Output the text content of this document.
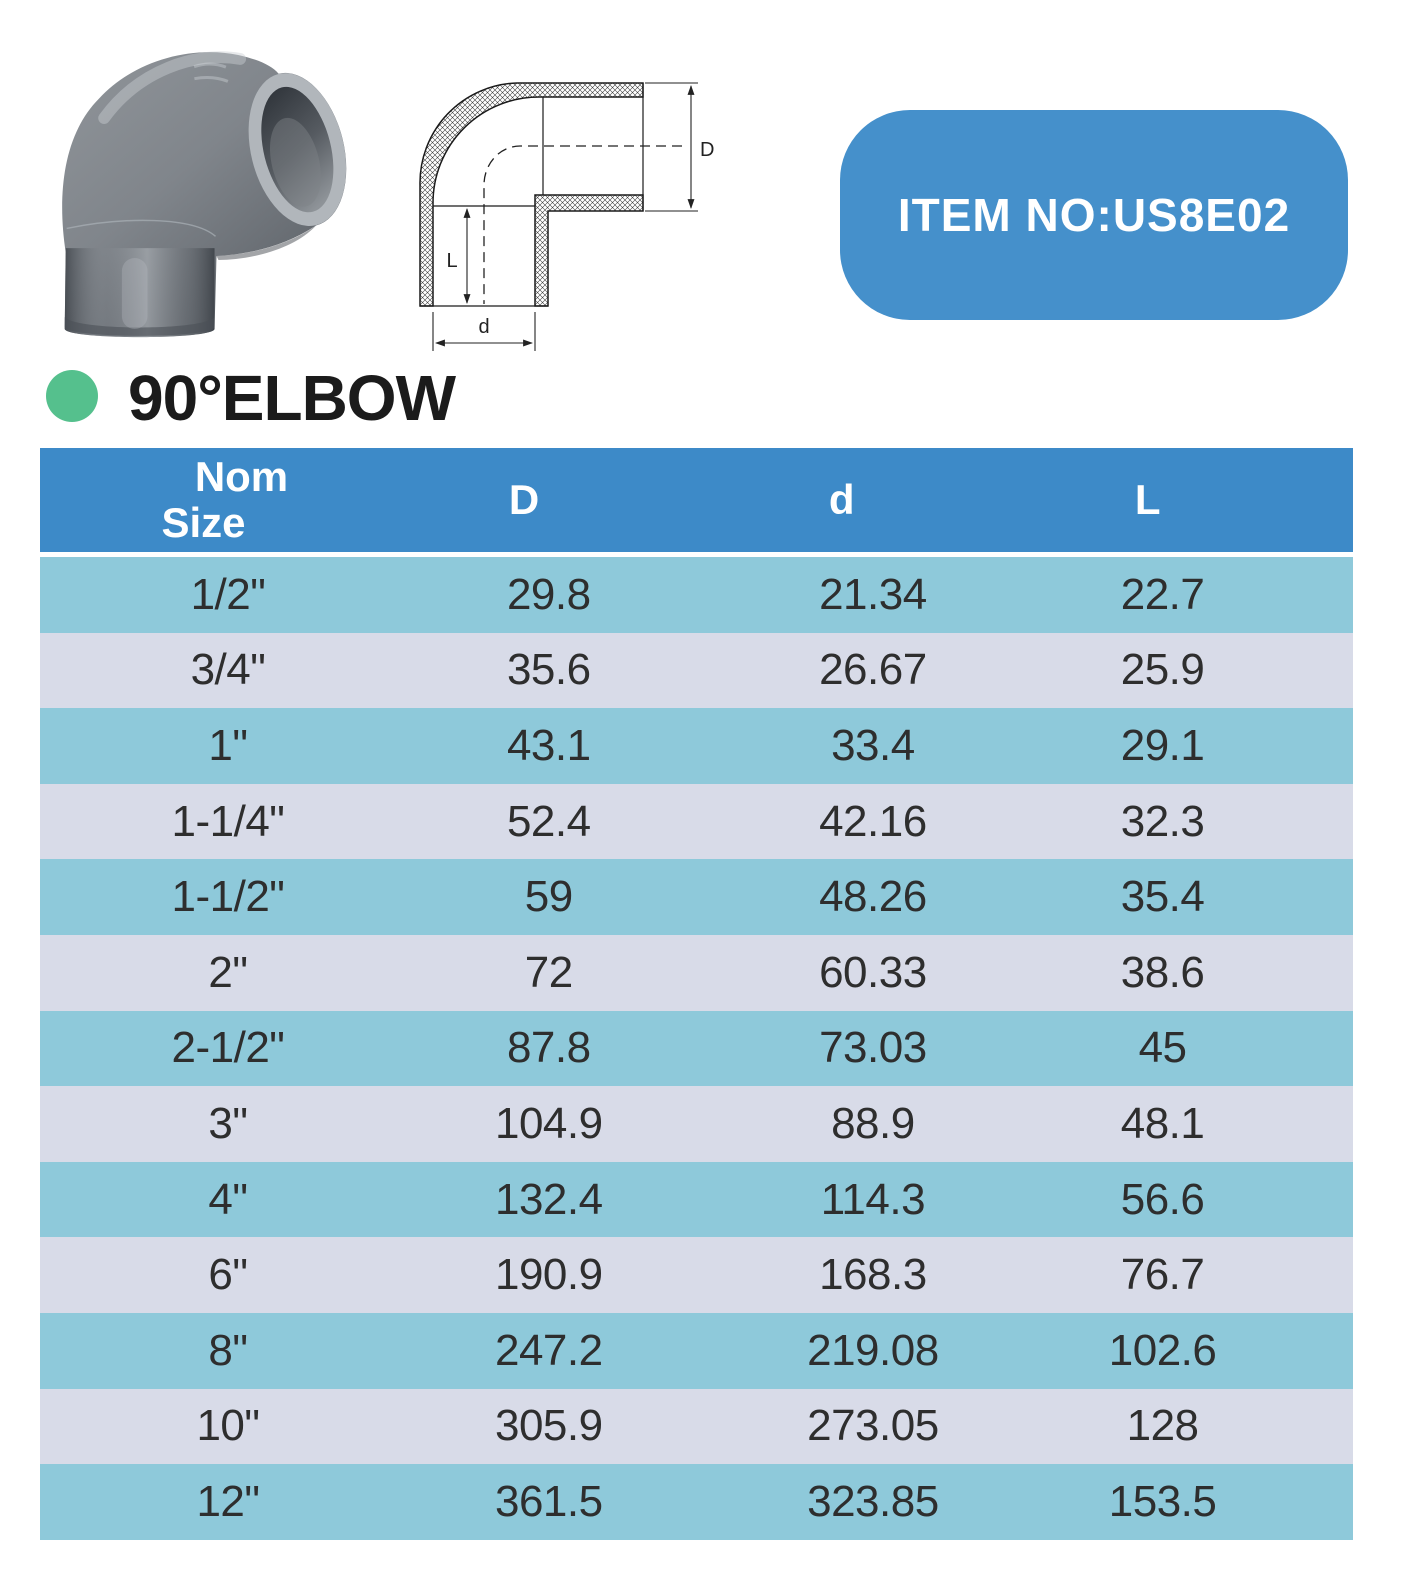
D
L
d
ITEM NO:US8E02
90°ELBOW
Nom
Size	D	d	L
1/2"	29.8	21.34	22.7
3/4"	35.6	26.67	25.9
1"	43.1	33.4	29.1
1-1/4"	52.4	42.16	32.3
1-1/2"	59	48.26	35.4
2"	72	60.33	38.6
2-1/2"	87.8	73.03	45
3"	104.9	88.9	48.1
4"	132.4	114.3	56.6
6"	190.9	168.3	76.7
8"	247.2	219.08	102.6
10"	305.9	273.05	128
12"	361.5	323.85	153.5
